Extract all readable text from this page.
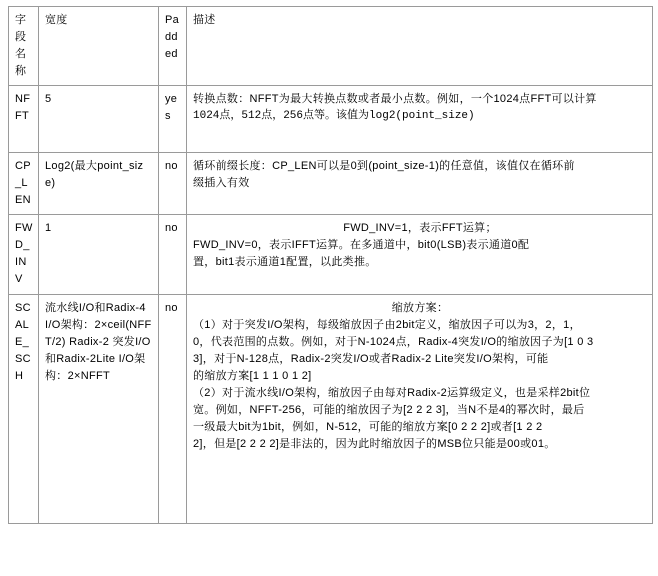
字段名称	宽度	Padded	描述
NFFT	5	yes	转换点数：NFFT为最大转换点数或者最小点数。例如，一个1024点FFT可以计算
1024点，512点，256点等。该值为log2(point_size)

CP_LEN	Log2(最大point_size)	no	循环前缀长度：CP_LEN可以是0到(point_size-1)的任意值，该值仅在循环前
缀插入有效

FWD_INV	1	no	FWD_INV=1，表示FFT运算；
FWD_INV=0，表示IFFT运算。在多通道中，bit0(LSB)表示通道0配
置，bit1表示通道1配置，以此类推。

SCALE_SCH	流水线I/O和Radix-4 I/O架构：2×ceil(NFFT/2) Radix-2 突发I/O 和Radix-2Lite I/O架构：2×NFFT	no	缩放方案：
（1）对于突发I/O架构，每级缩放因子由2bit定义，缩放因子可以为3，2，1，
0，代表范围的点数。例如，对于N-1024点，Radix-4突发I/O的缩放因子为[1 0 3
3]，对于N-128点，Radix-2突发I/O或者Radix-2 Lite突发I/O架构，可能
的缩放方案[1 1 1 0 1 2]
（2）对于流水线I/O架构，缩放因子由每对Radix-2运算级定义，也是采样2bit位
宽。例如，NFFT-256，可能的缩放因子为[2 2 2 3]，当N不是4的幂次时，最后
一级最大bit为1bit，例如，N-512，可能的缩放方案[0 2 2 2]或者[1 2 2
2]，但是[2 2 2 2]是非法的，因为此时缩放因子的MSB位只能是00或01。
